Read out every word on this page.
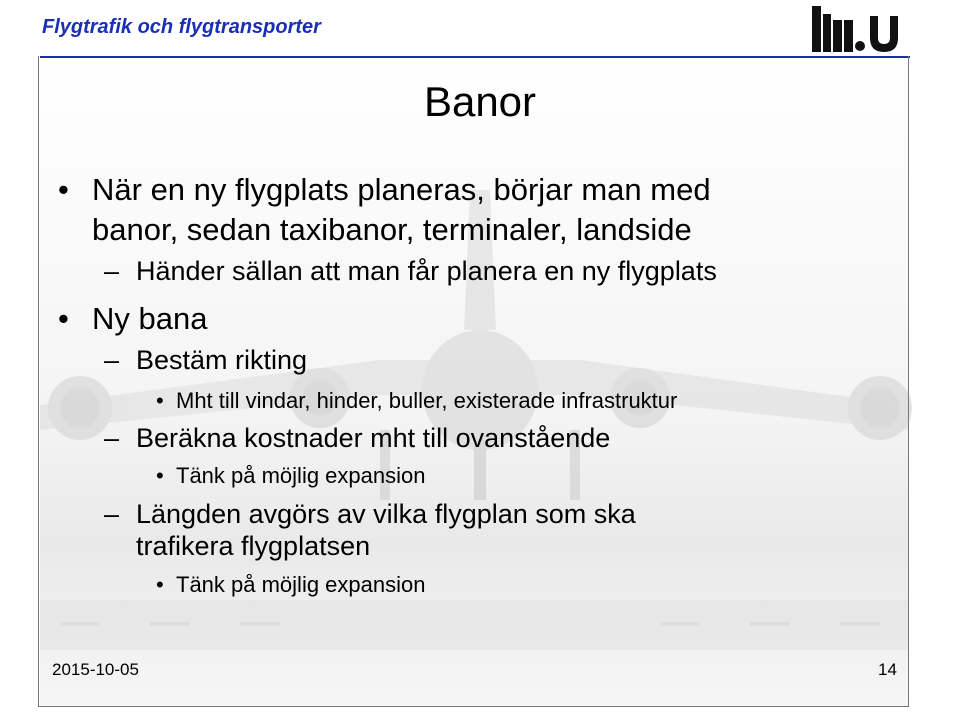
Flygtrafik och flygtransporter
Banor
• När en ny flygplats planeras, börjar man med
banor, sedan taxibanor, terminaler, landside
– Händer sällan att man får planera en ny flygplats
• Ny bana
– Bestäm rikting
• Mht till vindar, hinder, buller, existerade infrastruktur
– Beräkna kostnader mht till ovanstående
• Tänk på möjlig expansion
– Längden avgörs av vilka flygplan som ska
trafikera flygplatsen
• Tänk på möjlig expansion
2015-10-05	14
